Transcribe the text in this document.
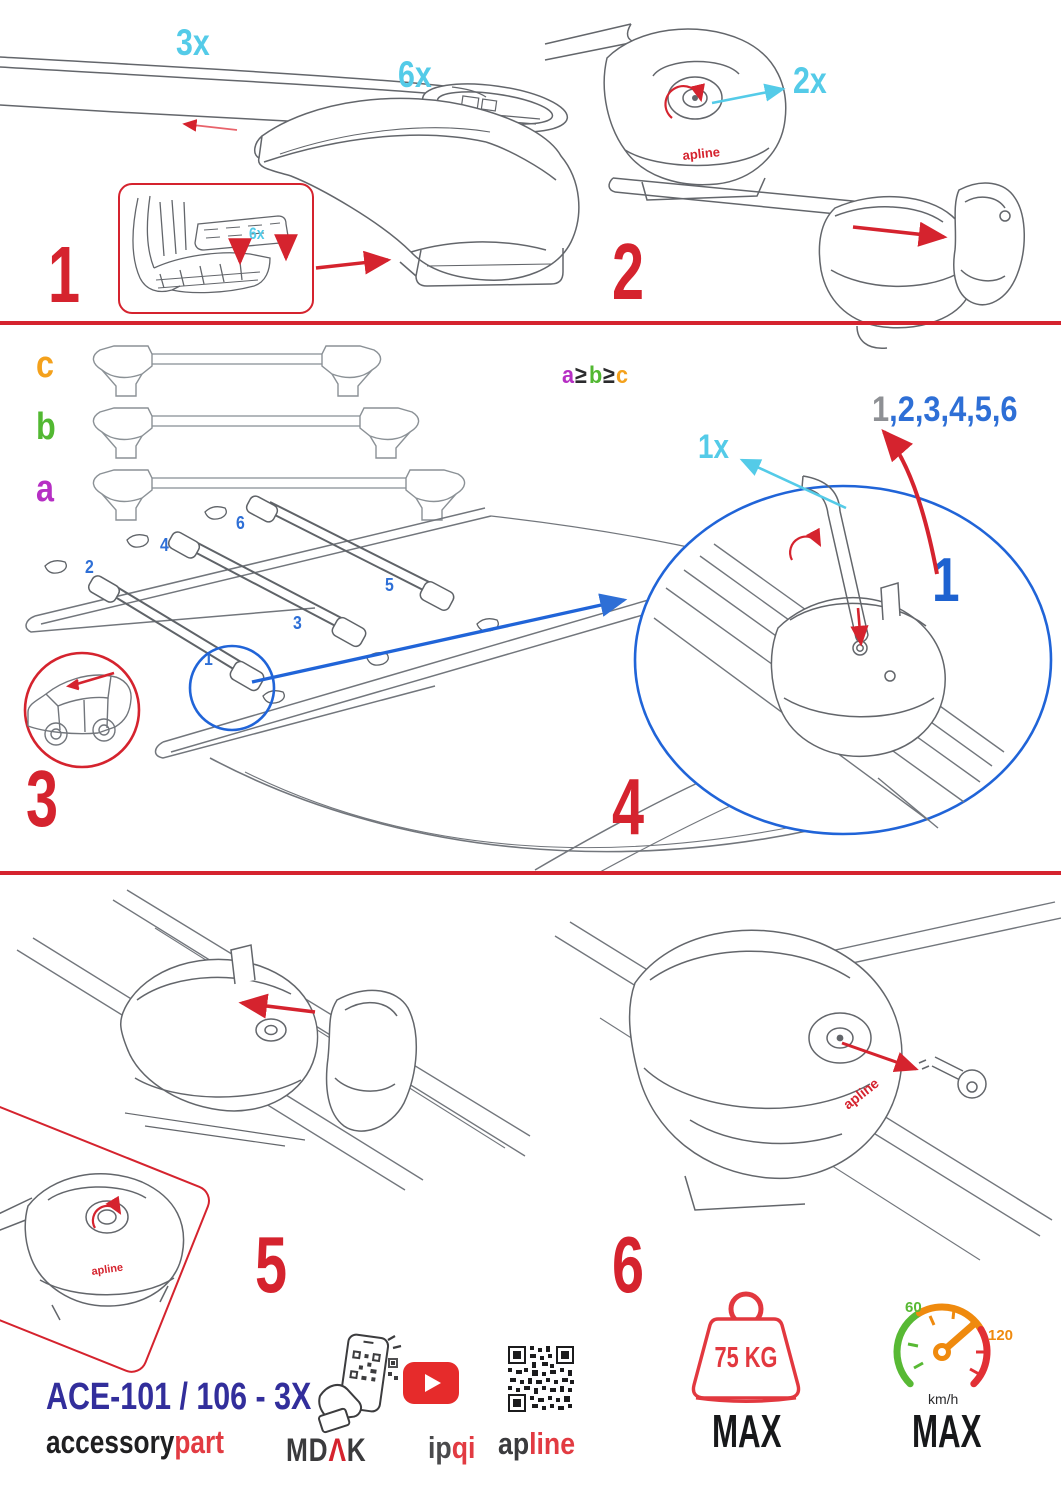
apline
apline
apline
3x
6x
6x
1
2x
2
c
b
a
a≥b≥c
2
4
6
1
3
5
3
1x
1,2,3,4,5,6
1
4
5	6
ACE-101 / 106 - 3X
accessorypart MDΛK ipqi apline
75 KG
MAX
60
120
km/h
MAX
